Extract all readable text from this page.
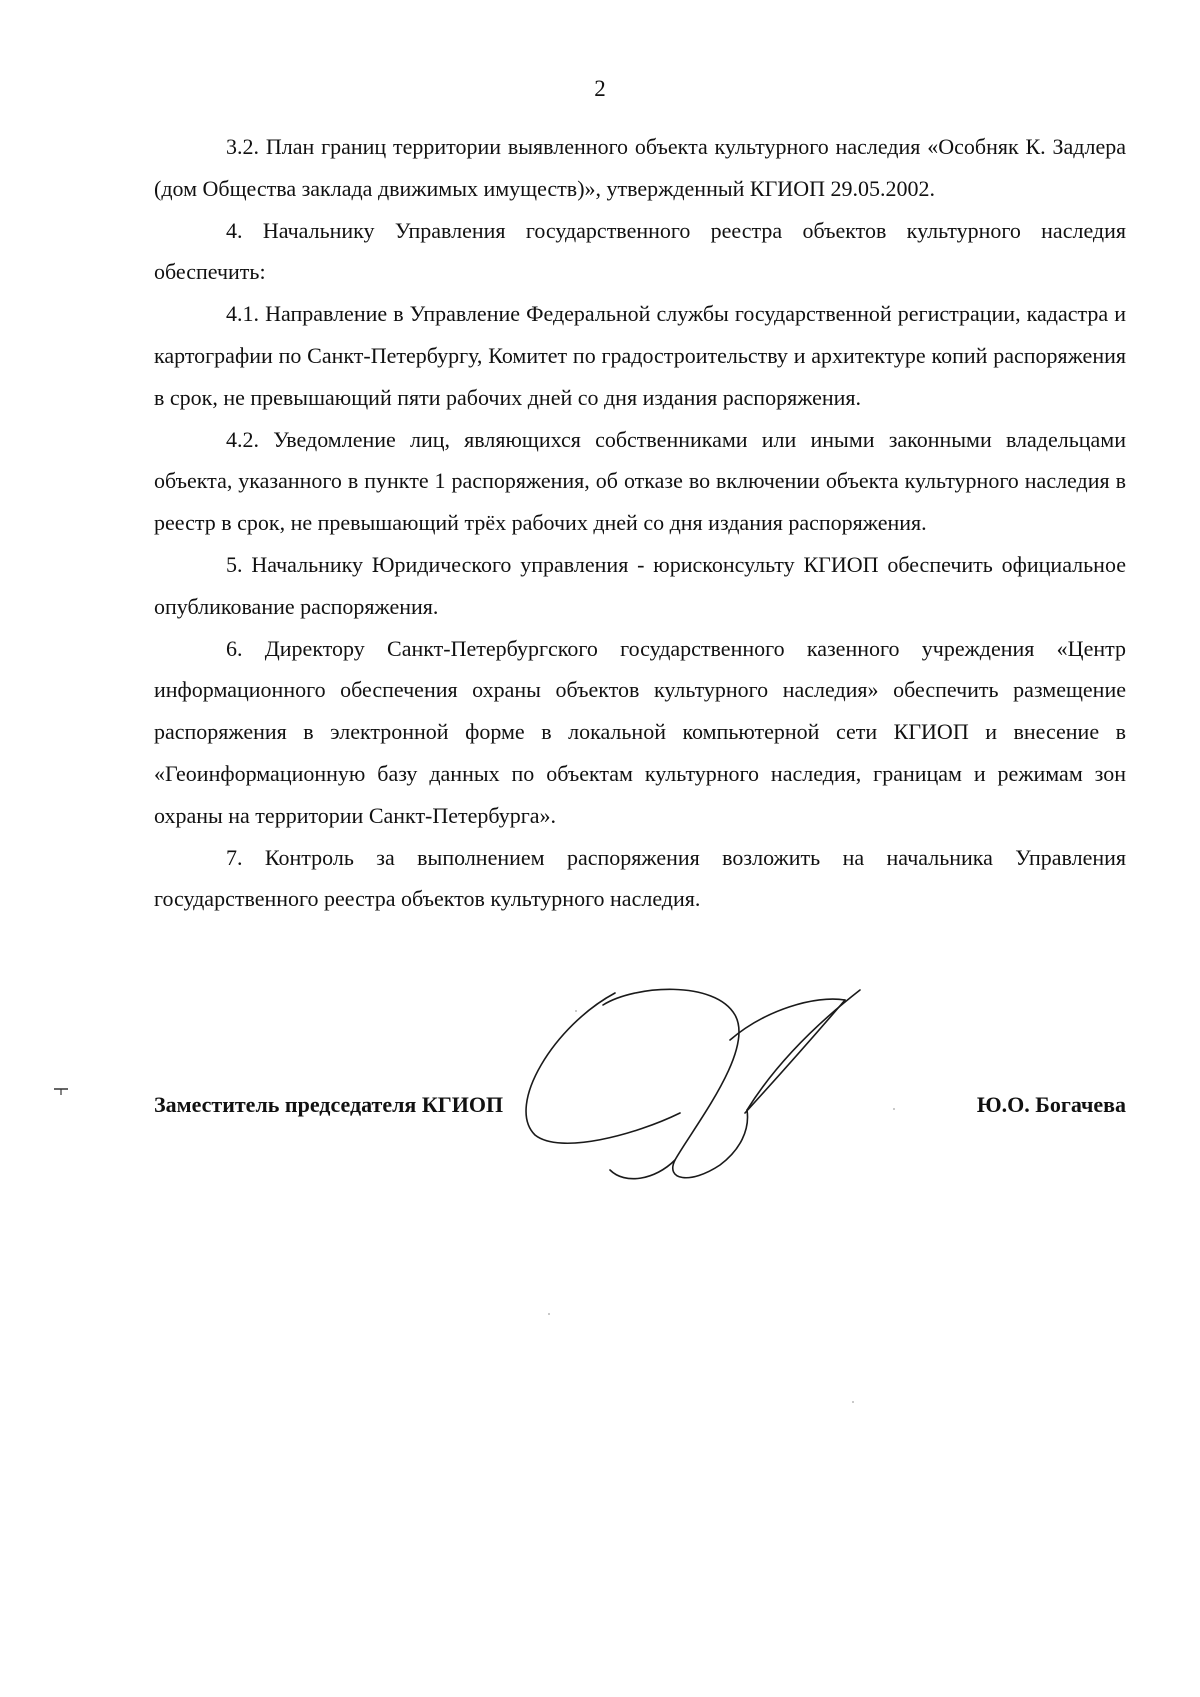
2

3.2. План границ территории выявленного объекта культурного наследия «Особняк К. Задлера (дом Общества заклада движимых имуществ)», утвержденный КГИОП 29.05.2002.

4. Начальнику Управления государственного реестра объектов культурного наследия обеспечить:

4.1. Направление в Управление Федеральной службы государственной регистрации, кадастра и картографии по Санкт-Петербургу, Комитет по градостроительству и архитектуре копий распоряжения в срок, не превышающий пяти рабочих дней со дня издания распоряжения.

4.2. Уведомление лиц, являющихся собственниками или иными законными владельцами объекта, указанного в пункте 1 распоряжения, об отказе во включении объекта культурного наследия в реестр в срок, не превышающий трёх рабочих дней со дня издания распоряжения.

5. Начальнику Юридического управления - юрисконсульту КГИОП обеспечить официальное опубликование распоряжения.

6. Директору Санкт-Петербургского государственного казенного учреждения «Центр информационного обеспечения охраны объектов культурного наследия» обеспечить размещение распоряжения в электронной форме в локальной компьютерной сети КГИОП и внесение в «Геоинформационную базу данных по объектам культурного наследия, границам и режимам зон охраны на территории Санкт-Петербурга».

7. Контроль за выполнением распоряжения возложить на начальника Управления государственного реестра объектов культурного наследия.

Заместитель председателя КГИОП	Ю.О. Богачева
